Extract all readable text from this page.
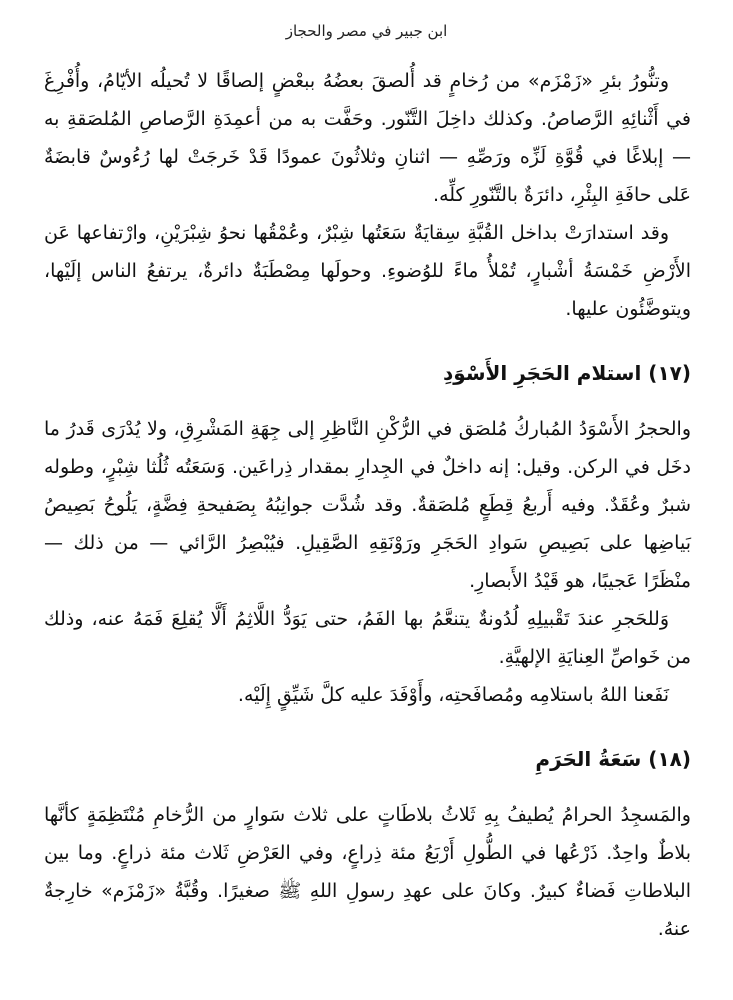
ابن جبير في مصر والحجاز

وتنُّورُ بئرِ «زَمْزَم» من رُخامٍ قد أُلصقَ بعضُهُ ببعْضٍ إلصاقًا لا تُحيلُه الأيّامُ، وأُفْرِغَ في أَثْنائِهِ الرَّصاصُ. وكذلك داخِلَ التَّنّور. وحَفَّت به من أعمِدَةِ الرَّصاصِ المُلصَقةِ به — إبلاغًا في قُوَّةِ لَزِّه ورَصِّهِ — اثنانِ وثلاثُونَ عمودًا قَدْ خَرجَتْ لها رُءُوسٌ قابضَةٌ عَلى حافَةِ البِئْرِ، دائرَةٌ بالتَّنّورِ كلِّه.

وقد استدارَتْ بداخل القُبَّةِ سِقايَةٌ سَعَتُها شِبْرٌ، وعُمْقُها نحوُ شِبْرَيْنِ، وارْتفاعها عَن الأَرْضِ خَمْسَةُ أشْبارٍ، تُمْلأُ ماءً للوُضوءِ. وحولَها مِصْطَبَةٌ دائرةٌ، يرتفعُ الناس إلَيْها، ويتوضَّئُون عليها.

(١٧) استلام الحَجَرِ الأَسْوَدِ

والحجرُ الأَسْوَدُ المُباركُ مُلصَق في الرُّكْنِ النَّاظِرِ إلى جِهَةِ المَشْرِقِ، ولا يُدْرَى قَدرُ ما دخَل في الركن. وقيل: إنه داخلٌ في الجِدارِ بمقدار ذِراعَين. وَسَعَتُه ثُلُثا شِبْرٍ، وطوله شبرٌ وعُقَدٌ. وفيه أَربعُ قِطَعٍ مُلصَقةٌ. وقد شُدَّت جوانِبُهُ بِصَفيحةِ فِضَّةٍ، يَلُوحُ بَصِيصُ بَياضِها على بَصِيصِ سَوادِ الحَجَرِ ورَوْنَقِهِ الصَّقِيلِ. فيُبْصِرُ الرَّائي — من ذلك — منْظَرًا عَجيبًا، هو قَيْدُ الأَبصارِ.

وَللحَجرِ عندَ تَقْبيلِهِ لُدُونةٌ يتنعَّمُ بها الفَمُ، حتى يَوَدُّ اللَّاثِمُ أَلَّا يُقلِعَ فَمَهُ عنه، وذلك من خَواصِّ العِنايَةِ الإلهيَّةِ.

نَفَعنا اللهُ باستلامِه ومُصافَحتِه، وأَوْفَدَ عليه كلَّ شَيِّقٍ إِلَيْه.

(١٨) سَعَةُ الحَرَمِ

والمَسجِدُ الحرامُ يُطيفُ بِهِ ثَلاثُ بلاطَاتٍ على ثلاث سَوارٍ من الرُّخامِ مُنْتَظِمَةٍ كأنَّها بلاطٌ واحِدٌ. ذَرْعُها في الطُّولِ أَرْبَعُ مئة ذِراعٍ، وفي العَرْضِ ثَلاث مئة ذراعٍ. وما بين البلاطاتِ فَضاءٌ كبيرٌ. وكانَ على عهدِ رسولِ اللهِ ﷺ صغيرًا. وقُبَّةُ «زَمْزَم» خارِجةٌ عنهُ.
